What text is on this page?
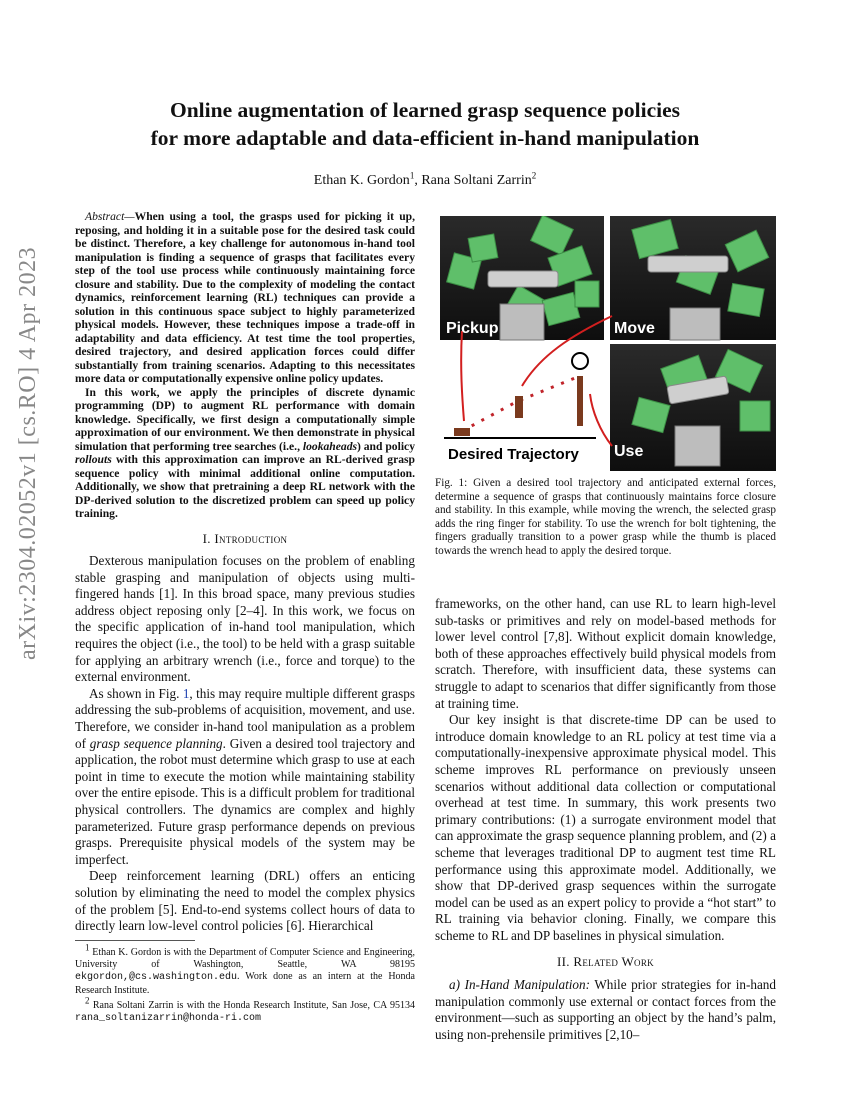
arXiv:2304.02052v1 [cs.RO] 4 Apr 2023
Online augmentation of learned grasp sequence policies
for more adaptable and data-efficient in-hand manipulation
Ethan K. Gordon$^1$, Rana Soltani Zarrin$^2$

Abstract—When using a tool, the grasps used for picking it up, reposing, and holding it in a suitable pose for the desired task could be distinct. Therefore, a key challenge for autonomous in-hand tool manipulation is finding a sequence of grasps that facilitates every step of the tool use process while continuously maintaining force closure and stability. Due to the complexity of modeling the contact dynamics, reinforcement learning (RL) techniques can provide a solution in this continuous space subject to highly parameterized physical models. However, these techniques impose a trade-off in adaptability and data efficiency. At test time the tool properties, desired trajectory, and desired application forces could differ substantially from training scenarios. Adapting to this necessitates more data or computationally expensive online policy updates.

In this work, we apply the principles of discrete dynamic programming (DP) to augment RL performance with domain knowledge. Specifically, we first design a computationally simple approximation of our environment. We then demonstrate in physical simulation that performing tree searches (i.e., lookaheads) and policy rollouts with this approximation can improve an RL-derived grasp sequence policy with minimal additional online computation. Additionally, we show that pretraining a deep RL network with the DP-derived solution to the discretized problem can speed up policy training.

I. Introduction

Dexterous manipulation focuses on the problem of enabling stable grasping and manipulation of objects using multi-fingered hands [1]. In this broad space, many previous studies address object reposing only [2–4]. In this work, we focus on the specific application of in-hand tool manipulation, which requires the object (i.e., the tool) to be held with a grasp suitable for applying an arbitrary wrench (i.e., force and torque) to the external environment.

As shown in Fig. 1, this may require multiple different grasps addressing the sub-problems of acquisition, movement, and use. Therefore, we consider in-hand tool manipulation as a problem of grasp sequence planning. Given a desired tool trajectory and application, the robot must determine which grasp to use at each point in time to execute the motion while maintaining stability over the entire episode. This is a difficult problem for traditional physical controllers. The dynamics are complex and highly parameterized. Future grasp performance depends on previous grasps. Prerequisite physical models of the system may be imperfect.

Deep reinforcement learning (DRL) offers an enticing solution by eliminating the need to model the complex physics of the problem [5]. End-to-end systems collect hours of data to directly learn low-level control policies [6]. Hierarchical

$^1$ Ethan K. Gordon is with the Department of Computer Science and Engineering, University of Washington, Seattle, WA 98195 ekgordon,@cs.washington.edu. Work done as an intern at the Honda Research Institute.

$^2$ Rana Soltani Zarrin is with the Honda Research Institute, San Jose, CA 95134 rana_soltanizarrin@honda-ri.com

Pickup	Move
Use
Desired Trajectory
Fig. 1: Given a desired tool trajectory and anticipated external forces, determine a sequence of grasps that continuously maintains force closure and stability. In this example, while moving the wrench, the selected grasp adds the ring finger for stability. To use the wrench for bolt tightening, the fingers gradually transition to a power grasp while the thumb is placed towards the wrench head to apply the desired torque.

frameworks, on the other hand, can use RL to learn high-level sub-tasks or primitives and rely on model-based methods for lower level control [7,8]. Without explicit domain knowledge, both of these approaches effectively build physical models from scratch. Therefore, with insufficient data, these systems can struggle to adapt to scenarios that differ significantly from those at training time.

Our key insight is that discrete-time DP can be used to introduce domain knowledge to an RL policy at test time via a computationally-inexpensive approximate physical model. This scheme improves RL performance on previously unseen scenarios without additional data collection or computational overhead at test time. In summary, this work presents two primary contributions: (1) a surrogate environment model that can approximate the grasp sequence planning problem, and (2) a scheme that leverages traditional DP to augment test time RL performance using this approximate model. Additionally, we show that DP-derived grasp sequences within the surrogate model can be used as an expert policy to provide a “hot start” to RL training via behavior cloning. Finally, we compare this scheme to RL and DP baselines in physical simulation.

II. Related Work

a) In-Hand Manipulation: While prior strategies for in-hand manipulation commonly use external or contact forces from the environment—such as supporting an object by the hand’s palm, using non-prehensile primitives [2,10–
